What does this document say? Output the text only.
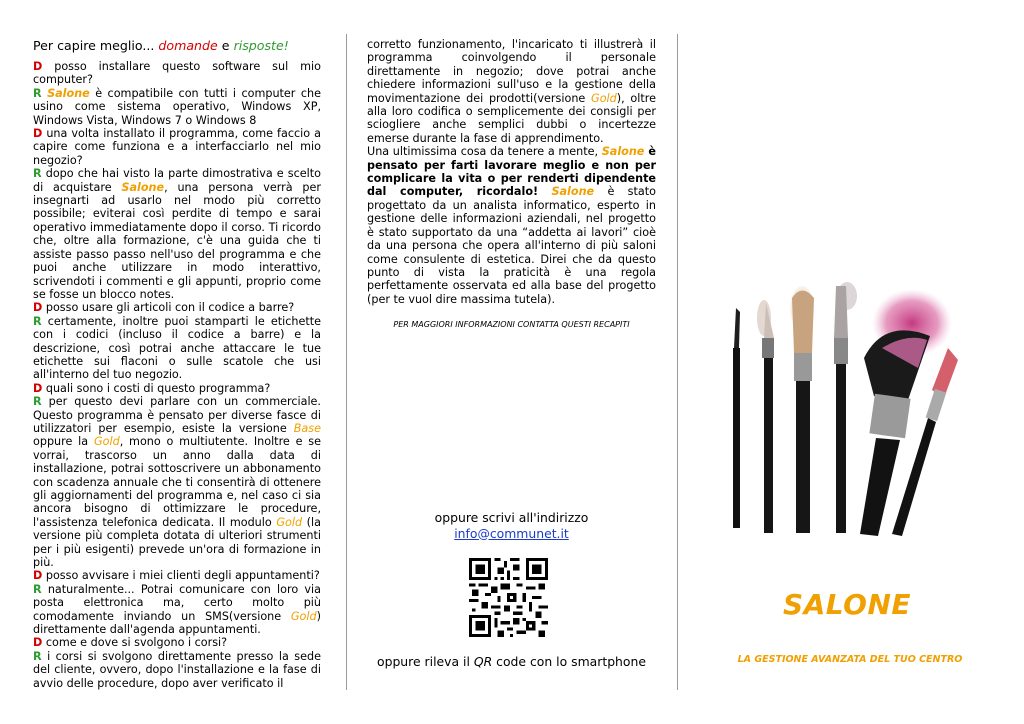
Per capire meglio... domande e risposte!

D posso installare questo software sul mio computer?

R Salone è compatibile con tutti i computer che usino come sistema operativo, Windows XP, Windows Vista, Windows 7 o Windows 8

D una volta installato il programma, come faccio a capire come funziona e a interfacciarlo nel mio negozio?

R dopo che hai visto la parte dimostrativa e scelto di acquistare Salone, una persona verrà per insegnarti ad usarlo nel modo più corretto possibile; eviterai così perdite di tempo e sarai operativo immediatamente dopo il corso. Ti ricordo che, oltre alla formazione, c'è una guida che ti assiste passo passo nell'uso del programma e che puoi anche utilizzare in modo interattivo, scrivendoti i commenti e gli appunti, proprio come se fosse un blocco notes.

D posso usare gli articoli con il codice a barre?

R certamente, inoltre puoi stamparti le etichette con i codici (incluso il codice a barre) e la descrizione, così potrai anche attaccare le tue etichette sui flaconi o sulle scatole che usi all'interno del tuo negozio.

D quali sono i costi di questo programma?

R per questo devi parlare con un commerciale. Questo programma è pensato per diverse fasce di utilizzatori per esempio, esiste la versione Base oppure la Gold, mono o multiutente. Inoltre e se vorrai, trascorso un anno dalla data di installazione, potrai sottoscrivere un abbonamento con scadenza annuale che ti consentirà di ottenere gli aggiornamenti del programma e, nel caso ci sia ancora bisogno di ottimizzare le procedure, l'assistenza telefonica dedicata. Il modulo Gold (la versione più completa dotata di ulteriori strumenti per i più esigenti) prevede un'ora di formazione in più.

D posso avvisare i miei clienti degli appuntamenti?

R naturalmente... Potrai comunicare con loro via posta elettronica ma, certo molto più comodamente inviando un SMS(versione Gold) direttamente dall'agenda appuntamenti.

D come e dove si svolgono i corsi?

R i corsi si svolgono direttamente presso la sede del cliente, ovvero, dopo l'installazione e la fase di avvio delle procedure, dopo aver verificato il

corretto funzionamento, l'incaricato ti illustrerà il programma coinvolgendo il personale direttamente in negozio; dove potrai anche chiedere informazioni sull'uso e la gestione della movimentazione dei prodotti(versione Gold), oltre alla loro codifica o semplicemente dei consigli per sciogliere anche semplici dubbi o incertezze emerse durante la fase di apprendimento.

Una ultimissima cosa da tenere a mente, Salone è pensato per farti lavorare meglio e non per complicare la vita o per renderti dipendente dal computer, ricordalo! Salone è stato progettato da un analista informatico, esperto in gestione delle informazioni aziendali, nel progetto è stato supportato da una “addetta ai lavori” cioè da una persona che opera all'interno di più saloni come consulente di estetica. Direi che da questo punto di vista la praticità è una regola perfettamente osservata ed alla base del progetto (per te vuol dire massima tutela).

PER MAGGIORI INFORMAZIONI CONTATTA QUESTI RECAPITI
oppure scrivi all'indirizzo
info@communet.it
oppure rileva il QR code con lo smartphone
SALONE
LA GESTIONE AVANZATA DEL TUO CENTRO
